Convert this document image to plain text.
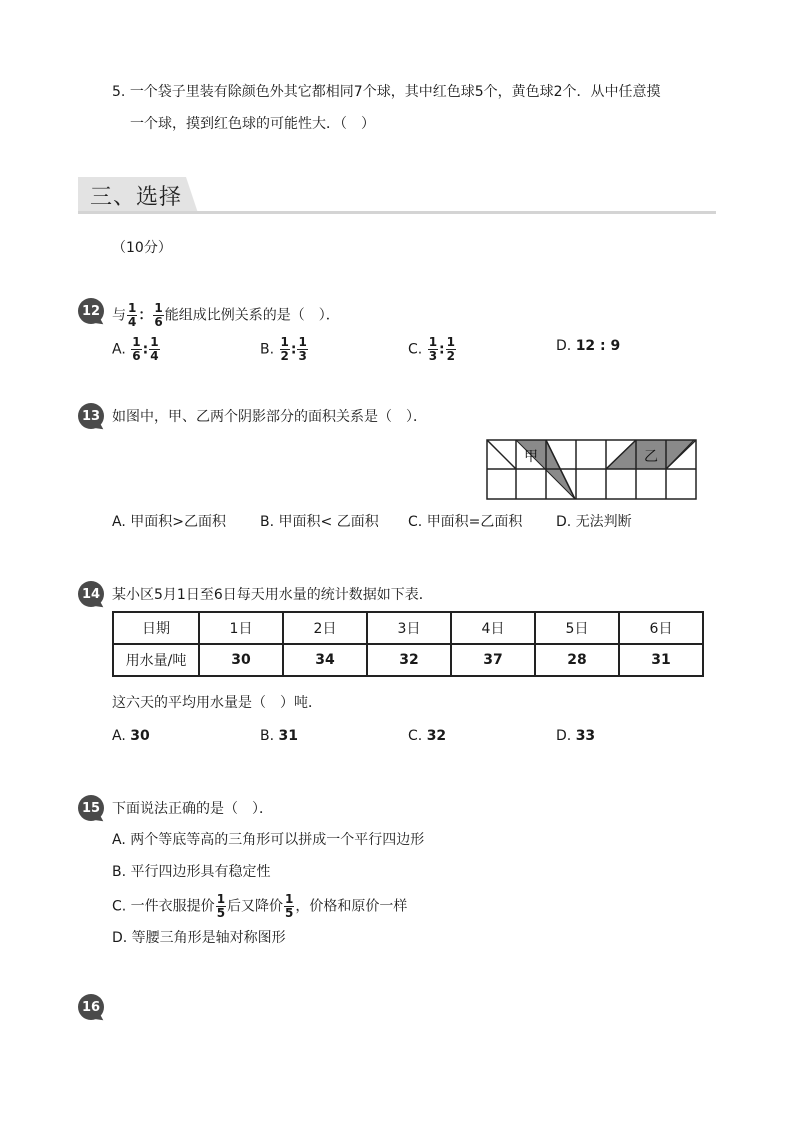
5. 一个袋子里装有除颜色外其它都相同7个球，其中红色球5个，黄色球2个．从中任意摸
一个球，摸到红色球的可能性大．（　）
三、选择
（10分）
12 与 $\frac{1}{4}$ ： $\frac{1}{6}$ 能组成比例关系的是（　）．
A. $\frac{1}{6}$ : $\frac{1}{4}$	B. $\frac{1}{2}$ : $\frac{1}{3}$	C. $\frac{1}{3}$ : $\frac{1}{2}$	D. 12 : 9
13 如图中，甲、乙两个阴影部分的面积关系是（　）．
甲	乙
A. 甲面积>乙面积 B. 甲面积< 乙面积 C. 甲面积=乙面积 D. 无法判断
14 某小区5月1日至6日每天用水量的统计数据如下表．
日期	1日	2日	3日	4日	5日	6日
用水量/吨	30	34	32	37	28	31
这六天的平均用水量是（　）吨．
A. 30	B. 31	C. 32	D. 33
15 下面说法正确的是（　）．
A. 两个等底等高的三角形可以拼成一个平行四边形
B. 平行四边形具有稳定性
C. 一件衣服提价 $\frac{1}{5}$ 后又降价 $\frac{1}{5}$ ，价格和原价一样
D. 等腰三角形是轴对称图形
16
